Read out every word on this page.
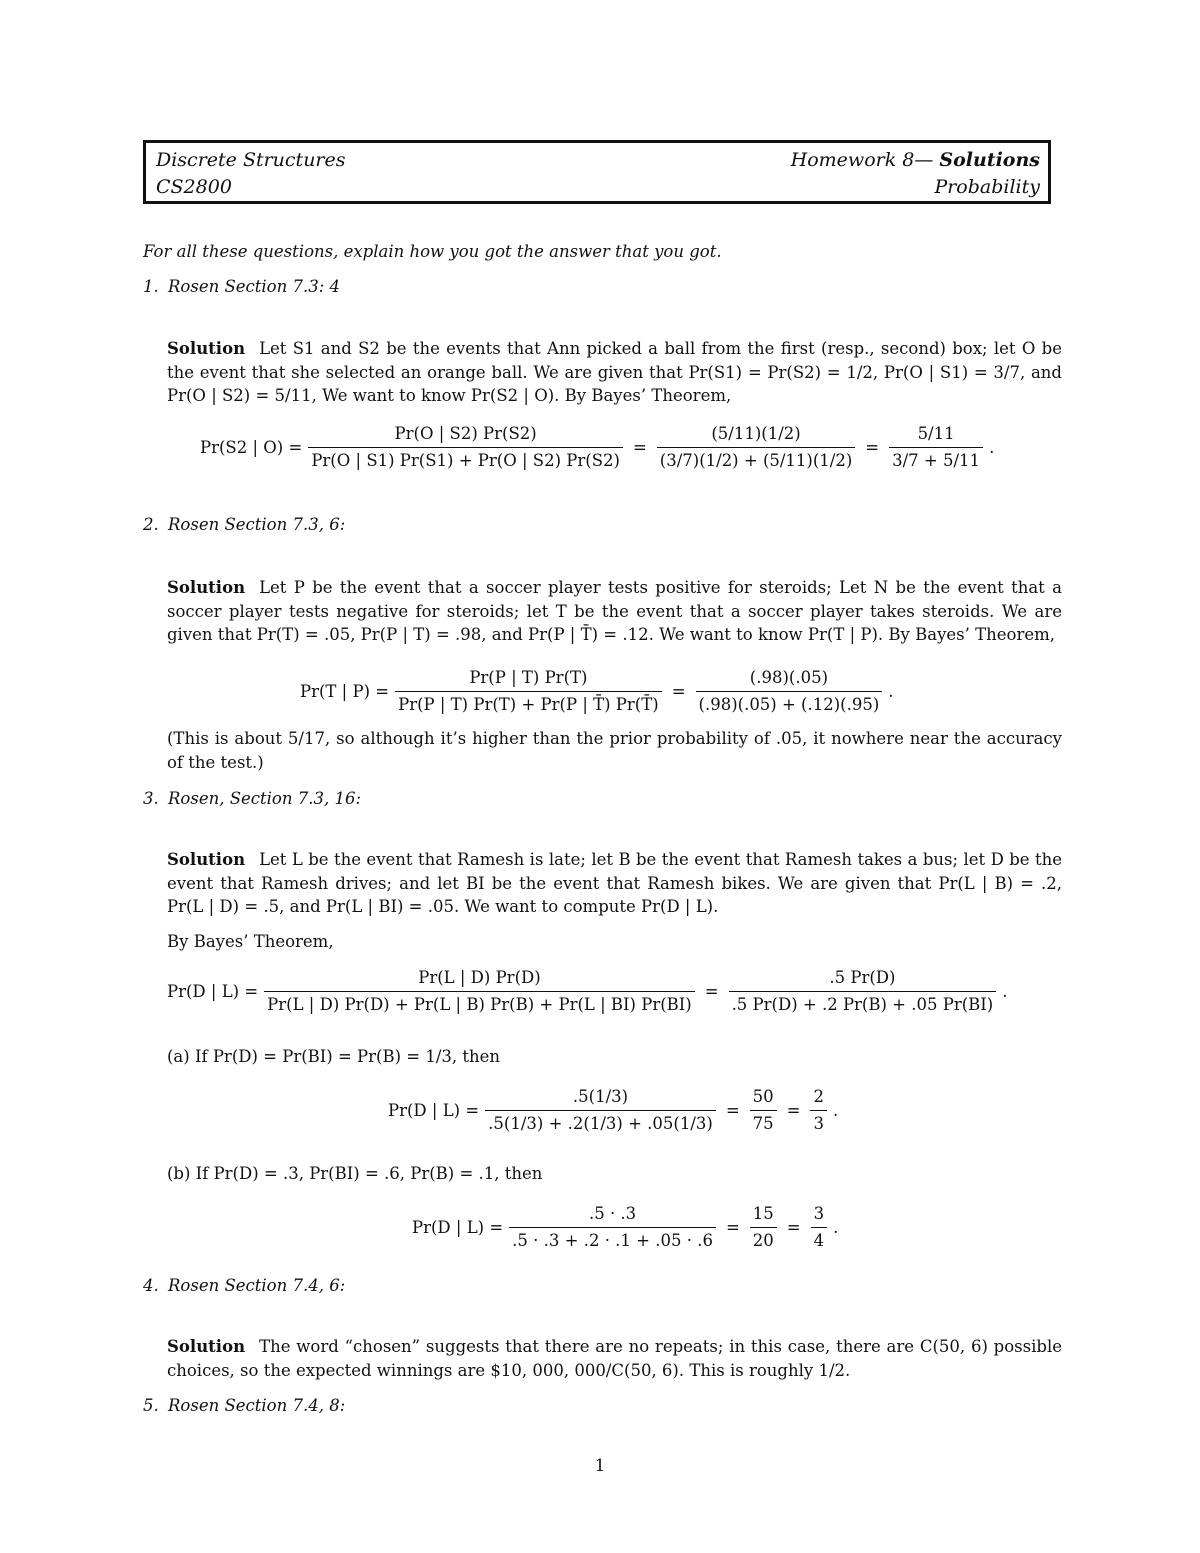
Discrete Structures	Homework 8— Solutions
CS2800	Probability
For all these questions, explain how you got the answer that you got.
1. Rosen Section 7.3: 4
Solution Let S1 and S2 be the events that Ann picked a ball from the first (resp., second) box; let O be the event that she selected an orange ball. We are given that Pr(S1) = Pr(S2) = 1/2, Pr(O | S1) = 3/7, and Pr(O | S2) = 5/11, We want to know Pr(S2 | O). By Bayes’ Theorem,
Pr(S2 | $O) = \frac{Pr(O | S2) Pr(S2)}{Pr(O | S1) Pr(S1) + Pr(O | S2) Pr(S2)} = \frac{(5/11)(1/2)}{(3/7)(1/2) + (5/11)(1/2)} = \frac{5/11}{3/7 + 5/11}$ .
2. Rosen Section 7.3, 6:
Solution Let P be the event that a soccer player tests positive for steroids; Let N be the event that a soccer player tests negative for steroids; let T be the event that a soccer player takes steroids. We are given that Pr(T) = .05, Pr(P | T) = .98, and Pr(P | T̄) = .12. We want to know Pr(T | P). By Bayes’ Theorem,
Pr(T | $P) = \frac{Pr(P | T) Pr(T)}{Pr(P | T) Pr(T) + Pr(P | T̄) Pr(T̄)} = \frac{(.98)(.05)}{(.98)(.05) + (.12)(.95)}$ .
(This is about 5/17, so although it’s higher than the prior probability of .05, it nowhere near the accuracy of the test.)
3. Rosen, Section 7.3, 16:
Solution Let L be the event that Ramesh is late; let B be the event that Ramesh takes a bus; let D be the event that Ramesh drives; and let BI be the event that Ramesh bikes. We are given that Pr(L | B) = .2, Pr(L | D) = .5, and Pr(L | BI) = .05. We want to compute Pr(D | L).
By Bayes’ Theorem,
Pr(D | $L) = \frac{Pr(L | D) Pr(D)}{Pr(L | D) Pr(D) + Pr(L | B) Pr(B) + Pr(L | BI) Pr(BI)} = \frac{.5 Pr(D)}{.5 Pr(D) + .2 Pr(B) + .05 Pr(BI)}$ .
(a) If Pr(D) = Pr(BI) = Pr(B) = 1/3, then
Pr(D | $L) = \frac{.5(1/3)}{.5(1/3) + .2(1/3) + .05(1/3)} = \frac{50}{75} = \frac{2}{3}$ .
(b) If Pr(D) = .3, Pr(BI) = .6, Pr(B) = .1, then
Pr(D | $L) = \frac{.5 \cdot .3}{.5 \cdot .3 + .2 \cdot .1 + .05 \cdot .6} = \frac{15}{20} = \frac{3}{4}$ .
4. Rosen Section 7.4, 6:
Solution The word “chosen” suggests that there are no repeats; in this case, there are C(50, 6) possible choices, so the expected winnings are $10, 000, 000/C(50, 6). This is roughly 1/2.
5. Rosen Section 7.4, 8:
1
